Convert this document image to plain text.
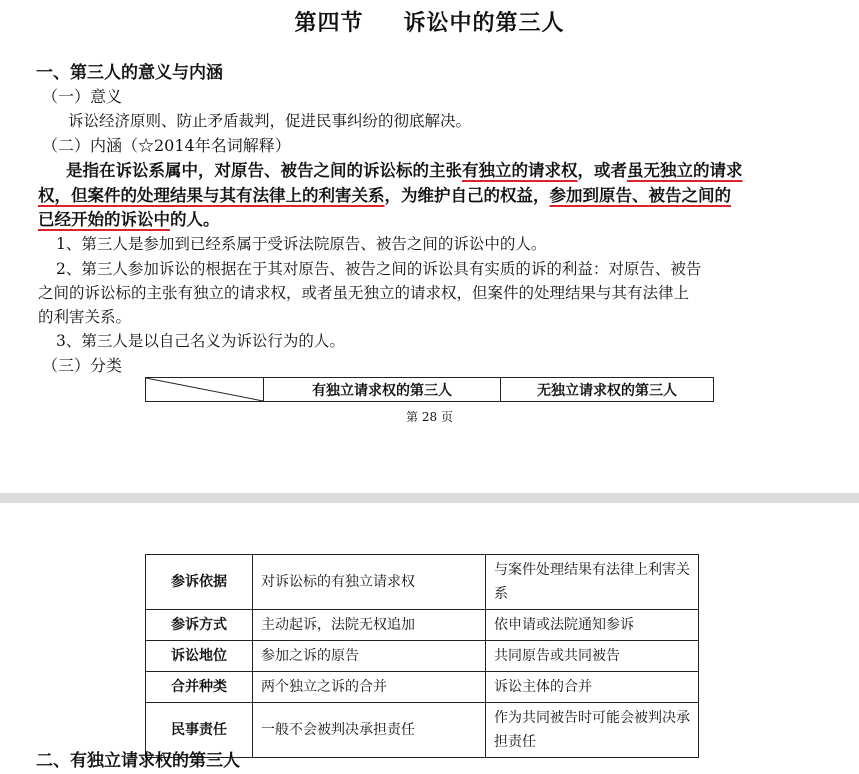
第四节 诉讼中的第三人
一、第三人的意义与内涵
（一）意义
诉讼经济原则、防止矛盾裁判，促进民事纠纷的彻底解决。
（二）内涵（☆2014年名词解释）
是指在诉讼系属中，对原告、被告之间的诉讼标的主张有独立的请求权，或者虽无独立的请求
权，但案件的处理结果与其有法律上的利害关系，为维护自己的权益，参加到原告、被告之间的
已经开始的诉讼中的人。
1、第三人是参加到已经系属于受诉法院原告、被告之间的诉讼中的人。
2、第三人参加诉讼的根据在于其对原告、被告之间的诉讼具有实质的诉的利益：对原告、被告
之间的诉讼标的主张有独立的请求权，或者虽无独立的请求权，但案件的处理结果与其有法律上
的利害关系。
3、第三人是以自己名义为诉讼行为的人。
（三）分类
	有独立请求权的第三人	无独立请求权的第三人
第 28 页
参诉依据	对诉讼标的有独立请求权	与案件处理结果有法律上利害关系
参诉方式	主动起诉，法院无权追加	依申请或法院通知参诉
诉讼地位	参加之诉的原告	共同原告或共同被告
合并种类	两个独立之诉的合并	诉讼主体的合并
民事责任	一般不会被判决承担责任	作为共同被告时可能会被判决承担责任
二、有独立请求权的第三人
